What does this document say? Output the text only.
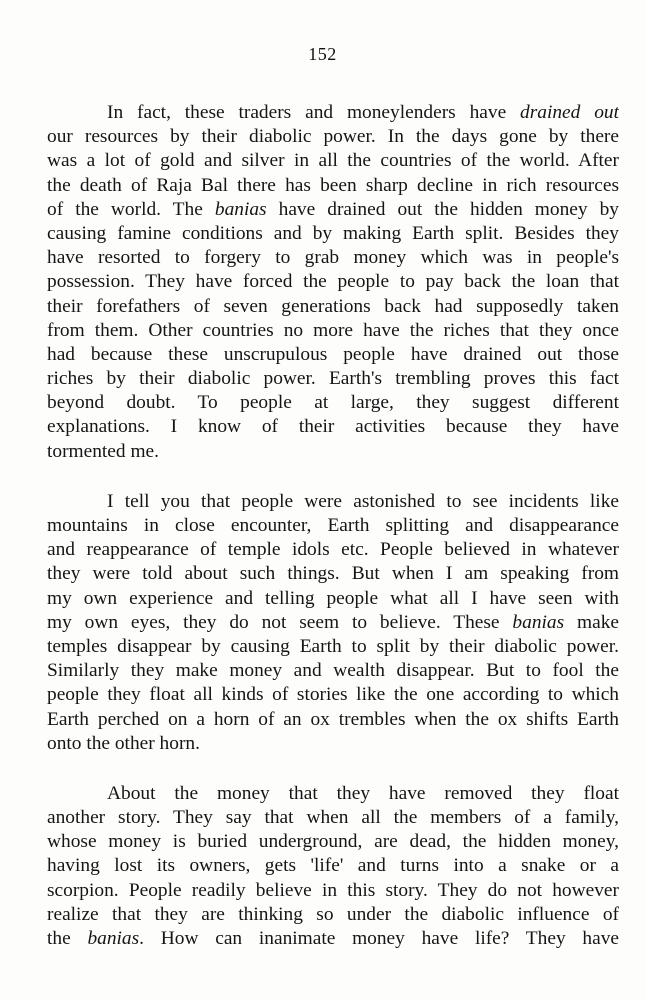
152
In fact, these traders and moneylenders have drained out
our resources by their diabolic power. In the days gone by there
was a lot of gold and silver in all the countries of the world. After
the death of Raja Bal there has been sharp decline in rich resources
of the world. The banias have drained out the hidden money by
causing famine conditions and by making Earth split. Besides they
have resorted to forgery to grab money which was in people's
possession. They have forced the people to pay back the loan that
their forefathers of seven generations back had supposedly taken
from them. Other countries no more have the riches that they once
had because these unscrupulous people have drained out those
riches by their diabolic power. Earth's trembling proves this fact
beyond doubt. To people at large, they suggest different
explanations. I know of their activities because they have
tormented me.
I tell you that people were astonished to see incidents like
mountains in close encounter, Earth splitting and disappearance
and reappearance of temple idols etc. People believed in whatever
they were told about such things. But when I am speaking from
my own experience and telling people what all I have seen with
my own eyes, they do not seem to believe. These banias make
temples disappear by causing Earth to split by their diabolic power.
Similarly they make money and wealth disappear. But to fool the
people they float all kinds of stories like the one according to which
Earth perched on a horn of an ox trembles when the ox shifts Earth
onto the other horn.
About the money that they have removed they float
another story. They say that when all the members of a family,
whose money is buried underground, are dead, the hidden money,
having lost its owners, gets 'life' and turns into a snake or a
scorpion. People readily believe in this story. They do not however
realize that they are thinking so under the diabolic influence of
the banias. How can inanimate money have life? They have
